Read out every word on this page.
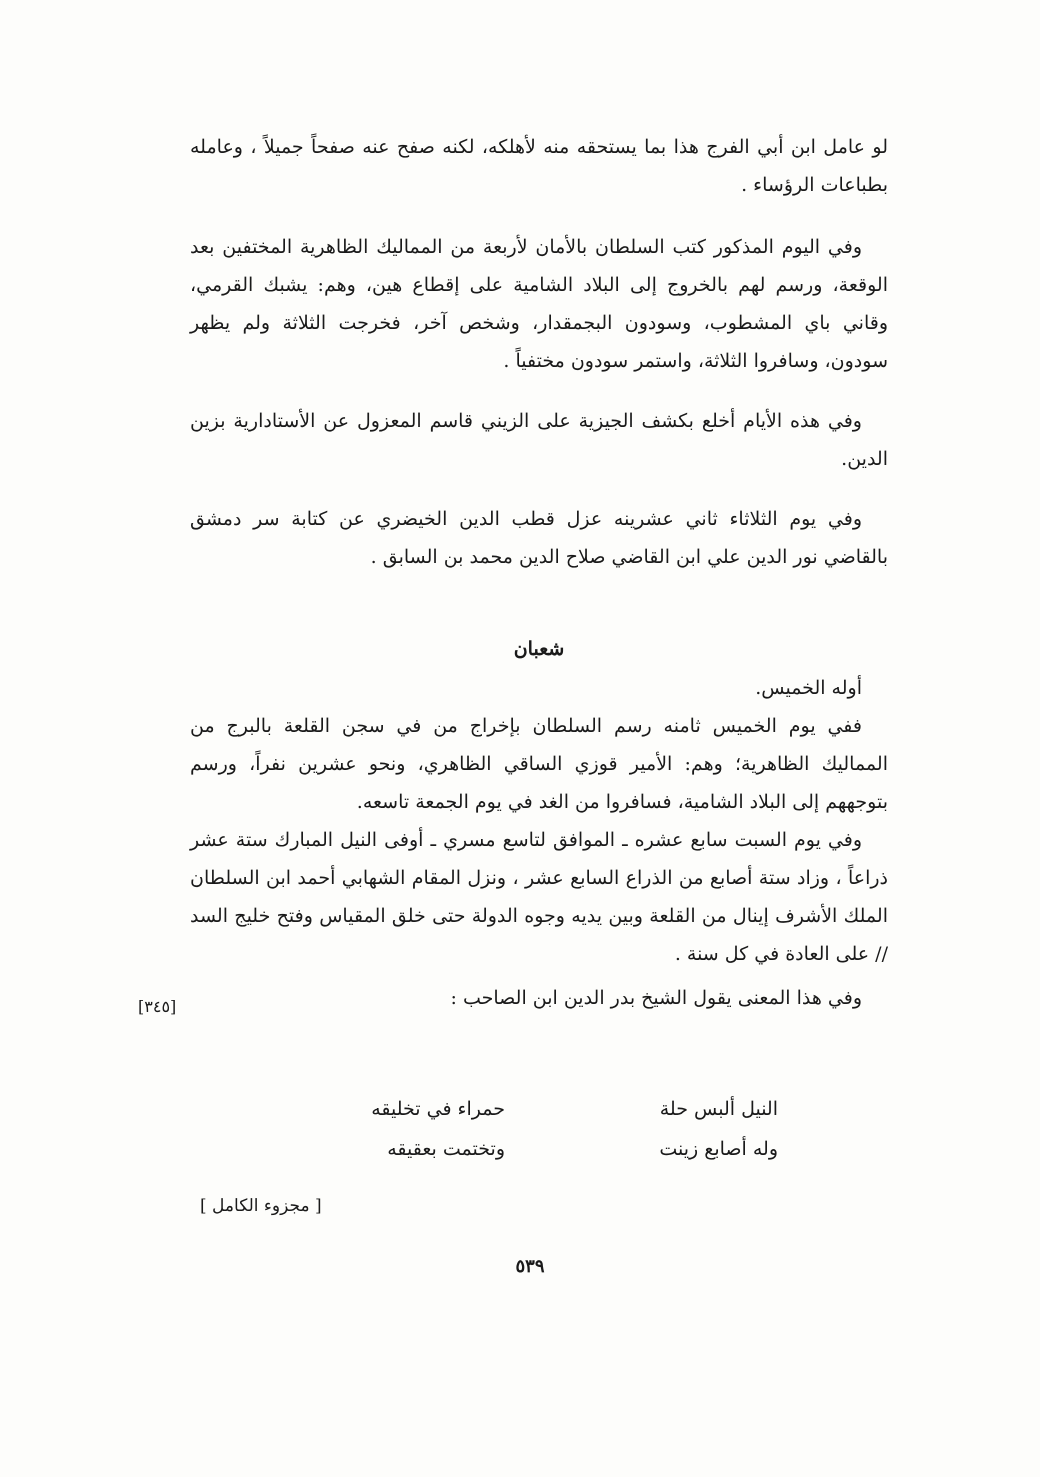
لو عامل ابن أبي الفرج هذا بما يستحقه منه لأهلكه، لكنه صفح عنه صفحاً جميلاً ، وعامله بطباعات الرؤساء .

وفي اليوم المذكور كتب السلطان بالأمان لأربعة من المماليك الظاهرية المختفين بعد الوقعة، ورسم لهم بالخروج إلى البلاد الشامية على إقطاع هين، وهم: يشبك القرمي، وقاني باي المشطوب، وسودون البجمقدار، وشخص آخر، فخرجت الثلاثة ولم يظهر سودون، وسافروا الثلاثة، واستمر سودون مختفياً .

وفي هذه الأيام أخلع بكشف الجيزية على الزيني قاسم المعزول عن الأستادارية بزين الدين.

وفي يوم الثلاثاء ثاني عشرينه عزل قطب الدين الخيضري عن كتابة سر دمشق بالقاضي نور الدين علي ابن القاضي صلاح الدين محمد بن السابق .

شعبان

أوله الخميس.

ففي يوم الخميس ثامنه رسم السلطان بإخراج من في سجن القلعة بالبرج من المماليك الظاهرية؛ وهم: الأمير قوزي الساقي الظاهري، ونحو عشرين نفراً، ورسم بتوجههم إلى البلاد الشامية، فسافروا من الغد في يوم الجمعة تاسعه.

وفي يوم السبت سابع عشره ـ الموافق لتاسع مسري ـ أوفى النيل المبارك ستة عشر ذراعاً ، وزاد ستة أصابع من الذراع السابع عشر ، ونزل المقام الشهابي أحمد ابن السلطان الملك الأشرف إينال من القلعة وبين يديه وجوه الدولة حتى خلق المقياس وفتح خليج السد // على العادة في كل سنة .

وفي هذا المعنى يقول الشيخ بدر الدين ابن الصاحب :

[٣٤٥]
النيل ألبس حلة
حمراء في تخليقه
وله أصابع زينت
وتختمت بعقيقه
[ مجزوء الكامل ]
٥٣٩
